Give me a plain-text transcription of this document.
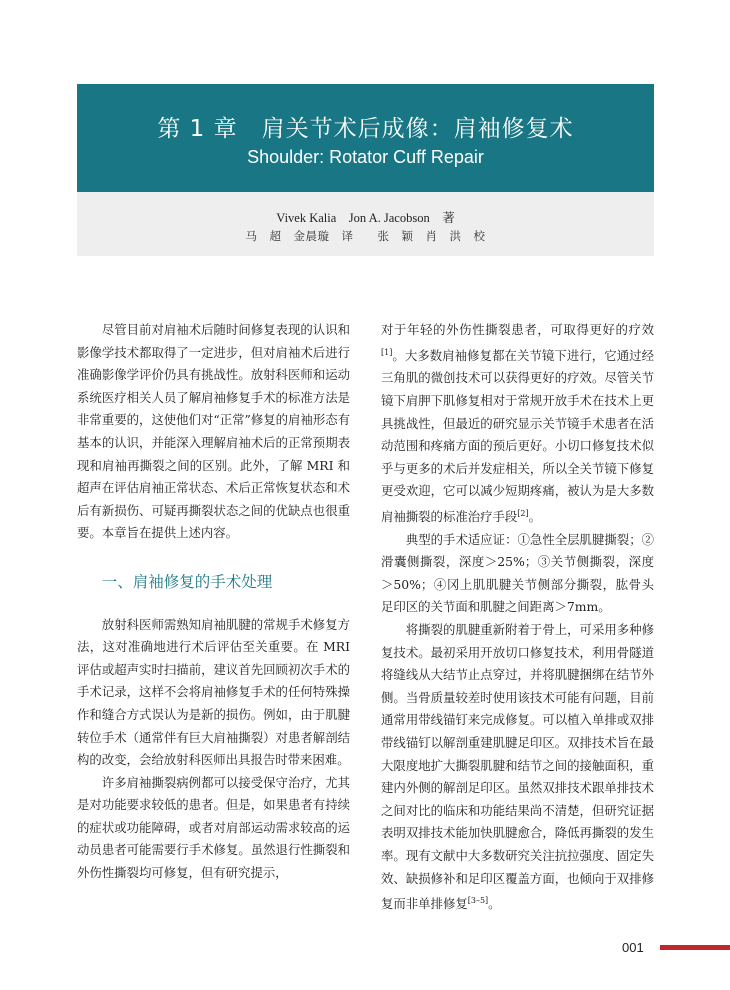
第 1 章　肩关节术后成像：肩袖修复术
Shoulder: Rotator Cuff Repair
Vivek Kalia　Jon A. Jacobson　著
马　超　金晨璇　译　　张　颖　肖　洪　校

尽管目前对肩袖术后随时间修复表现的认识和影像学技术都取得了一定进步，但对肩袖术后进行准确影像学评价仍具有挑战性。放射科医师和运动系统医疗相关人员了解肩袖修复手术的标准方法是非常重要的，这使他们对“正常”修复的肩袖形态有基本的认识，并能深入理解肩袖术后的正常预期表现和肩袖再撕裂之间的区别。此外，了解 MRI 和超声在评估肩袖正常状态、术后正常恢复状态和术后有新损伤、可疑再撕裂状态之间的优缺点也很重要。本章旨在提供上述内容。

一、肩袖修复的手术处理

放射科医师需熟知肩袖肌腱的常规手术修复方法，这对准确地进行术后评估至关重要。在 MRI 评估或超声实时扫描前，建议首先回顾初次手术的手术记录，这样不会将肩袖修复手术的任何特殊操作和缝合方式误认为是新的损伤。例如，由于肌腱转位手术（通常伴有巨大肩袖撕裂）对患者解剖结构的改变，会给放射科医师出具报告时带来困难。

许多肩袖撕裂病例都可以接受保守治疗，尤其是对功能要求较低的患者。但是，如果患者有持续的症状或功能障碍，或者对肩部运动需求较高的运动员患者可能需要行手术修复。虽然退行性撕裂和外伤性撕裂均可修复，但有研究提示，

对于年轻的外伤性撕裂患者，可取得更好的疗效[1]。大多数肩袖修复都在关节镜下进行，它通过经三角肌的微创技术可以获得更好的疗效。尽管关节镜下肩胛下肌修复相对于常规开放手术在技术上更具挑战性，但最近的研究显示关节镜手术患者在活动范围和疼痛方面的预后更好。小切口修复技术似乎与更多的术后并发症相关，所以全关节镜下修复更受欢迎，它可以减少短期疼痛，被认为是大多数肩袖撕裂的标准治疗手段[2]。

典型的手术适应证：①急性全层肌腱撕裂；②滑囊侧撕裂，深度＞25%；③关节侧撕裂，深度＞50%；④冈上肌肌腱关节侧部分撕裂，肱骨头足印区的关节面和肌腱之间距离＞7mm。

将撕裂的肌腱重新附着于骨上，可采用多种修复技术。最初采用开放切口修复技术，利用骨隧道将缝线从大结节止点穿过，并将肌腱捆绑在结节外侧。当骨质量较差时使用该技术可能有问题，目前通常用带线锚钉来完成修复。可以植入单排或双排带线锚钉以解剖重建肌腱足印区。双排技术旨在最大限度地扩大撕裂肌腱和结节之间的接触面积，重建内外侧的解剖足印区。虽然双排技术跟单排技术之间对比的临床和功能结果尚不清楚，但研究证据表明双排技术能加快肌腱愈合，降低再撕裂的发生率。现有文献中大多数研究关注抗拉强度、固定失效、缺损修补和足印区覆盖方面，也倾向于双排修复而非单排修复[3–5]。

001
